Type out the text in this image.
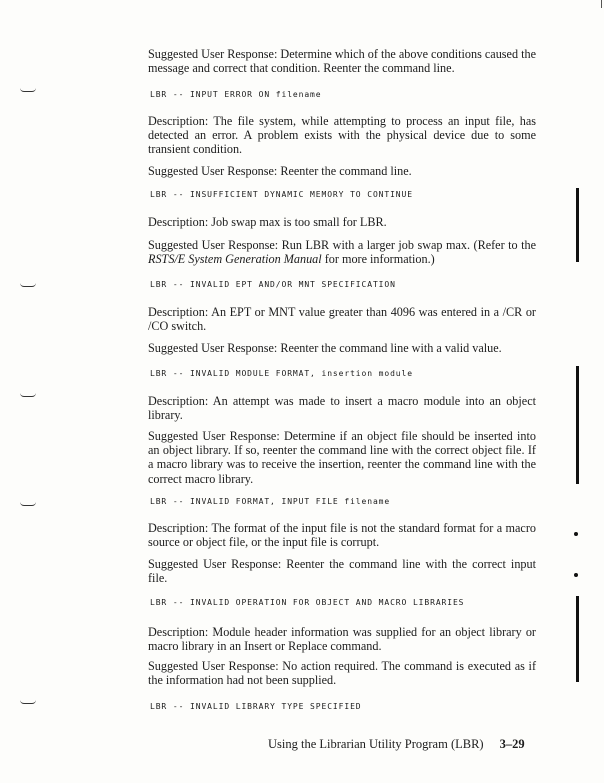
Suggested User Response: Determine which of the above conditions caused the message and correct that condition. Reenter the command line.
LBR -- INPUT ERROR ON filename
Description: The file system, while attempting to process an input file, has detected an error. A problem exists with the physical device due to some transient condition.
Suggested User Response: Reenter the command line.
LBR -- INSUFFICIENT DYNAMIC MEMORY TO CONTINUE
Description: Job swap max is too small for LBR.
Suggested User Response: Run LBR with a larger job swap max. (Refer to the RSTS/E System Generation Manual for more information.)
LBR -- INVALID EPT AND/OR MNT SPECIFICATION
Description: An EPT or MNT value greater than 4096 was entered in a /CR or /CO switch.
Suggested User Response: Reenter the command line with a valid value.
LBR -- INVALID MODULE FORMAT, insertion module
Description: An attempt was made to insert a macro module into an object library.
Suggested User Response: Determine if an object file should be inserted into an object library. If so, reenter the command line with the correct object file. If a macro library was to receive the insertion, reenter the command line with the correct macro library.
LBR -- INVALID FORMAT, INPUT FILE filename
Description: The format of the input file is not the standard format for a macro source or object file, or the input file is corrupt.
Suggested User Response: Reenter the command line with the correct input file.
LBR -- INVALID OPERATION FOR OBJECT AND MACRO LIBRARIES
Description: Module header information was supplied for an object library or macro library in an Insert or Replace command.
Suggested User Response: No action required. The command is executed as if the information had not been supplied.
LBR -- INVALID LIBRARY TYPE SPECIFIED
Using the Librarian Utility Program (LBR) 3–29
